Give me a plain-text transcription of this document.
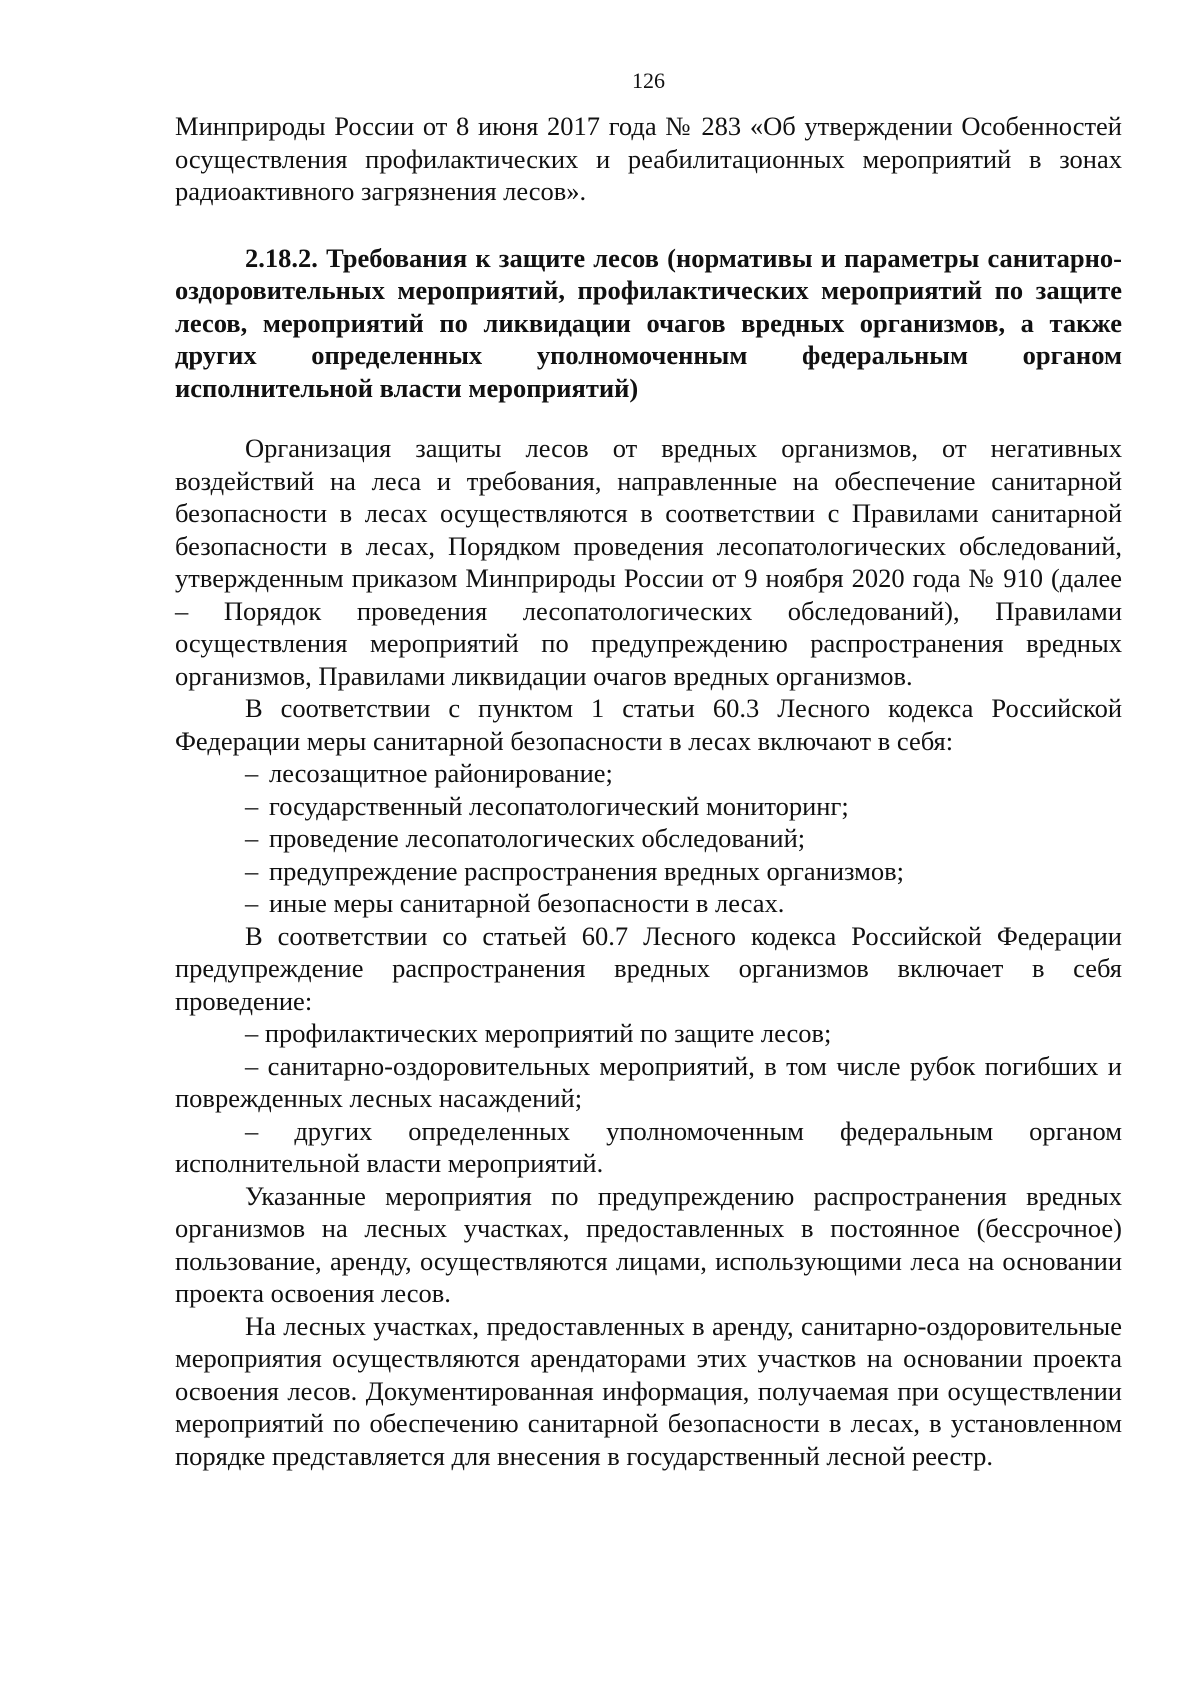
126

Минприроды России от 8 июня 2017 года № 283 «Об утверждении Особенностей осуществления профилактических и реабилитационных мероприятий в зонах радиоактивного загрязнения лесов».

2.18.2. Требования к защите лесов (нормативы и параметры санитарно-оздоровительных мероприятий, профилактических мероприятий по защите лесов, мероприятий по ликвидации очагов вредных организмов, а также других определенных уполномоченным федеральным органом исполнительной власти мероприятий)

Организация защиты лесов от вредных организмов, от негативных воздействий на леса и требования, направленные на обеспечение санитарной безопасности в лесах осуществляются в соответствии с Правилами санитарной безопасности в лесах, Порядком проведения лесопатологических обследований, утвержденным приказом Минприроды России от 9 ноября 2020 года № 910 (далее – Порядок проведения лесопатологических обследований), Правилами осуществления мероприятий по предупреждению распространения вредных организмов, Правилами ликвидации очагов вредных организмов.

В соответствии с пунктом 1 статьи 60.3 Лесного кодекса Российской Федерации меры санитарной безопасности в лесах включают в себя:

– лесозащитное районирование;
– государственный лесопатологический мониторинг;
– проведение лесопатологических обследований;
– предупреждение распространения вредных организмов;
– иные меры санитарной безопасности в лесах.

В соответствии со статьей 60.7 Лесного кодекса Российской Федерации предупреждение распространения вредных организмов включает в себя проведение:

– профилактических мероприятий по защите лесов;

– санитарно-оздоровительных мероприятий, в том числе рубок погибших и поврежденных лесных насаждений;

– других определенных уполномоченным федеральным органом исполнительной власти мероприятий.

Указанные мероприятия по предупреждению распространения вредных организмов на лесных участках, предоставленных в постоянное (бессрочное) пользование, аренду, осуществляются лицами, использующими леса на основании проекта освоения лесов.

На лесных участках, предоставленных в аренду, санитарно-оздоровительные мероприятия осуществляются арендаторами этих участков на основании проекта освоения лесов. Документированная информация, получаемая при осуществлении мероприятий по обеспечению санитарной безопасности в лесах, в установленном порядке представляется для внесения в государственный лесной реестр.
